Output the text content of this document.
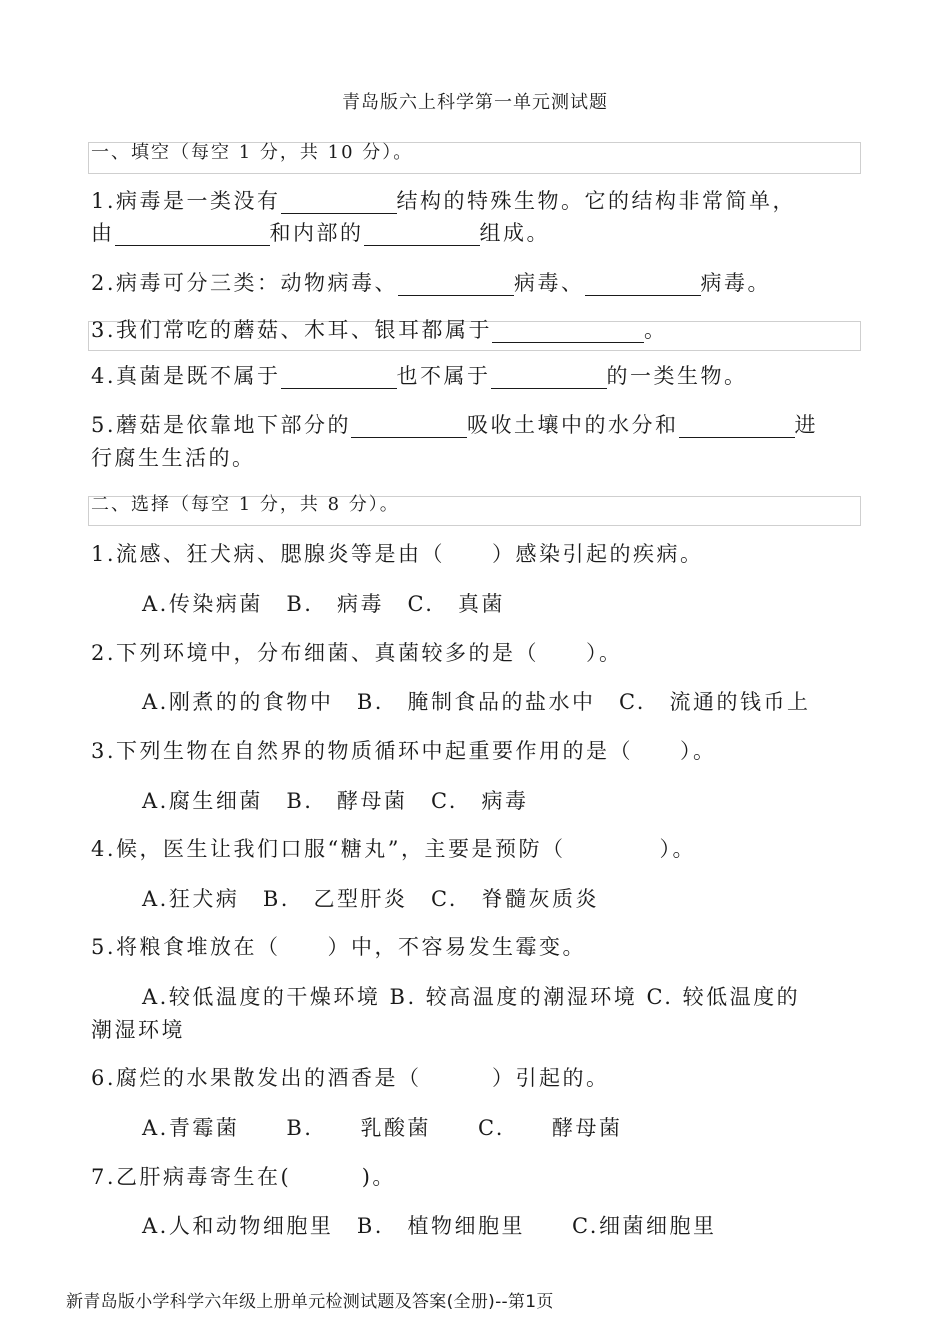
青岛版六上科学第一单元测试题
一、填空（每空 1 分，共 10 分）。
1.病毒是一类没有	结构的特殊生物。它的结构非常简单，
由	和内部的	组成。
2.病毒可分三类：动物病毒、	病毒、	病毒。
3.我们常吃的蘑菇、木耳、银耳都属于	。
4.真菌是既不属于	也不属于	的一类生物。
5.蘑菇是依靠地下部分的	吸收土壤中的水分和	进
行腐生生活的。
二、选择（每空 1 分，共 8 分）。
1.流感、狂犬病、腮腺炎等是由（　　）感染引起的疾病。
A.传染病菌　B.　病毒　C.　真菌
2.下列环境中，分布细菌、真菌较多的是（　　）。
A.刚煮的的食物中　B.　腌制食品的盐水中　C.　流通的钱币上
3.下列生物在自然界的物质循环中起重要作用的是（　　）。
A.腐生细菌　B.　酵母菌　C.　病毒
4.候，医生让我们口服“糖丸”，主要是预防（　　　　）。
A.狂犬病　B.　乙型肝炎　C.　脊髓灰质炎
5.将粮食堆放在（　　）中，不容易发生霉变。
A.较低温度的干燥环境 B. 较高温度的潮湿环境 C. 较低温度的
潮湿环境
6.腐烂的水果散发出的酒香是（　　　）引起的。
A.青霉菌　　B.　　乳酸菌　　C.　　酵母菌
7.乙肝病毒寄生在(　　　)。
A.人和动物细胞里　B.　植物细胞里　　C.细菌细胞里
新青岛版小学科学六年级上册单元检测试题及答案(全册)--第1页
